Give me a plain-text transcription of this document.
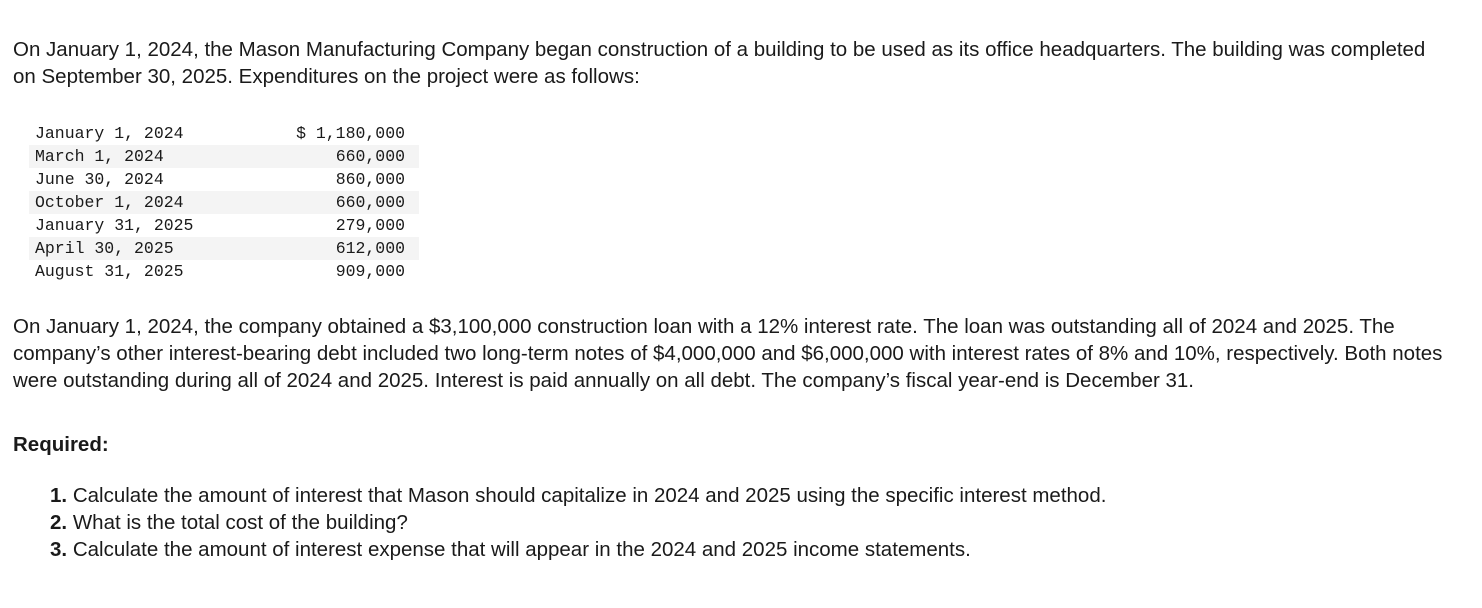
On January 1, 2024, the Mason Manufacturing Company began construction of a building to be used as its office headquarters. The building was completed on September 30, 2025. Expenditures on the project were as follows:

January 1, 2024	$ 1,180,000
March 1, 2024	660,000
June 30, 2024	860,000
October 1, 2024	660,000
January 31, 2025	279,000
April 30, 2025	612,000
August 31, 2025	909,000

On January 1, 2024, the company obtained a $3,100,000 construction loan with a 12% interest rate. The loan was outstanding all of 2024 and 2025. The company’s other interest-bearing debt included two long-term notes of $4,000,000 and $6,000,000 with interest rates of 8% and 10%, respectively. Both notes were outstanding during all of 2024 and 2025. Interest is paid annually on all debt. The company’s fiscal year-end is December 31.

Required:

1. Calculate the amount of interest that Mason should capitalize in 2024 and 2025 using the specific interest method.
2. What is the total cost of the building?
3. Calculate the amount of interest expense that will appear in the 2024 and 2025 income statements.
